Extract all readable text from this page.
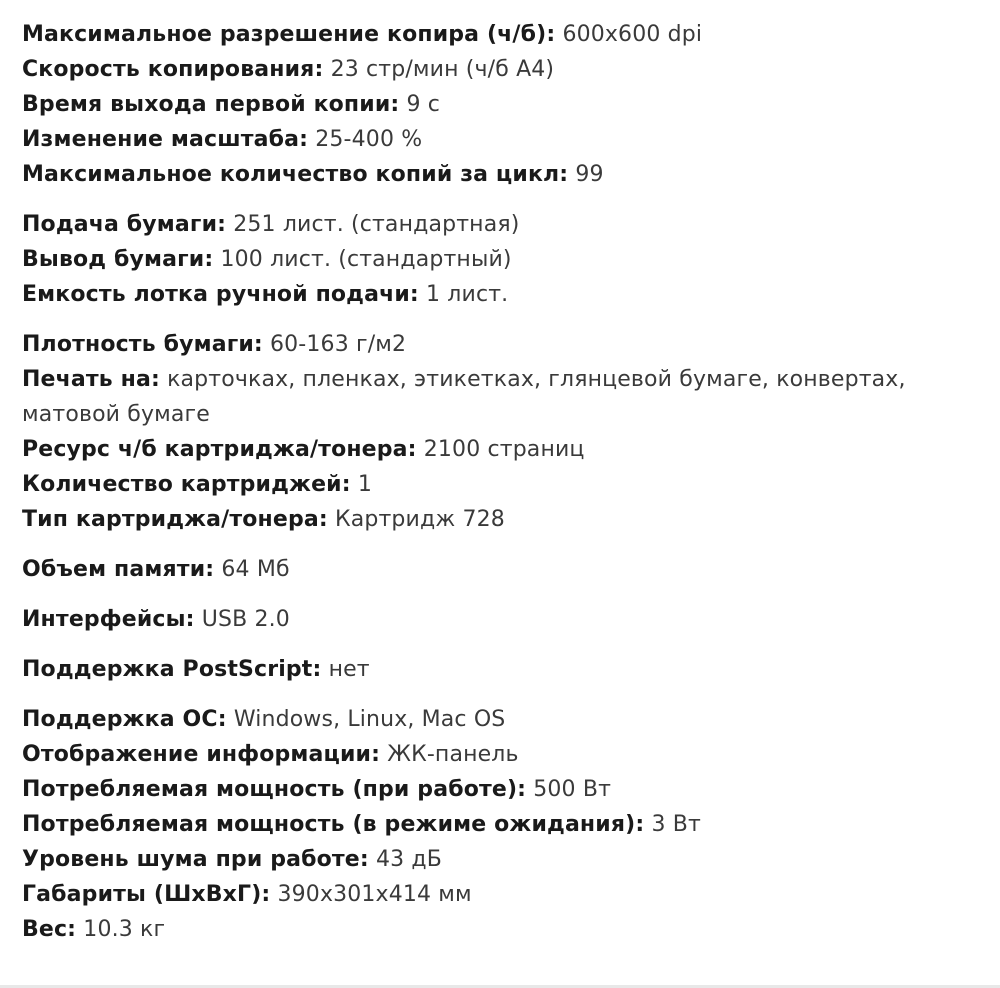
Максимальное разрешение копира (ч/б): 600x600 dpi
Скорость копирования: 23 стр/мин (ч/б А4)
Время выхода первой копии: 9 с
Изменение масштаба: 25-400 %
Максимальное количество копий за цикл: 99
Подача бумаги: 251 лист. (стандартная)
Вывод бумаги: 100 лист. (стандартный)
Емкость лотка ручной подачи: 1 лист.
Плотность бумаги: 60-163 г/м2
Печать на: карточках, пленках, этикетках, глянцевой бумаге, конвертах, матовой бумаге
Ресурс ч/б картриджа/тонера: 2100 страниц
Количество картриджей: 1
Тип картриджа/тонера: Картридж 728
Объем памяти: 64 Мб
Интерфейсы: USB 2.0
Поддержка PostScript: нет
Поддержка ОС: Windows, Linux, Mac OS
Отображение информации: ЖК-панель
Потребляемая мощность (при работе): 500 Вт
Потребляемая мощность (в режиме ожидания): 3 Вт
Уровень шума при работе: 43 дБ
Габариты (ШхВхГ): 390x301x414 мм
Вес: 10.3 кг
